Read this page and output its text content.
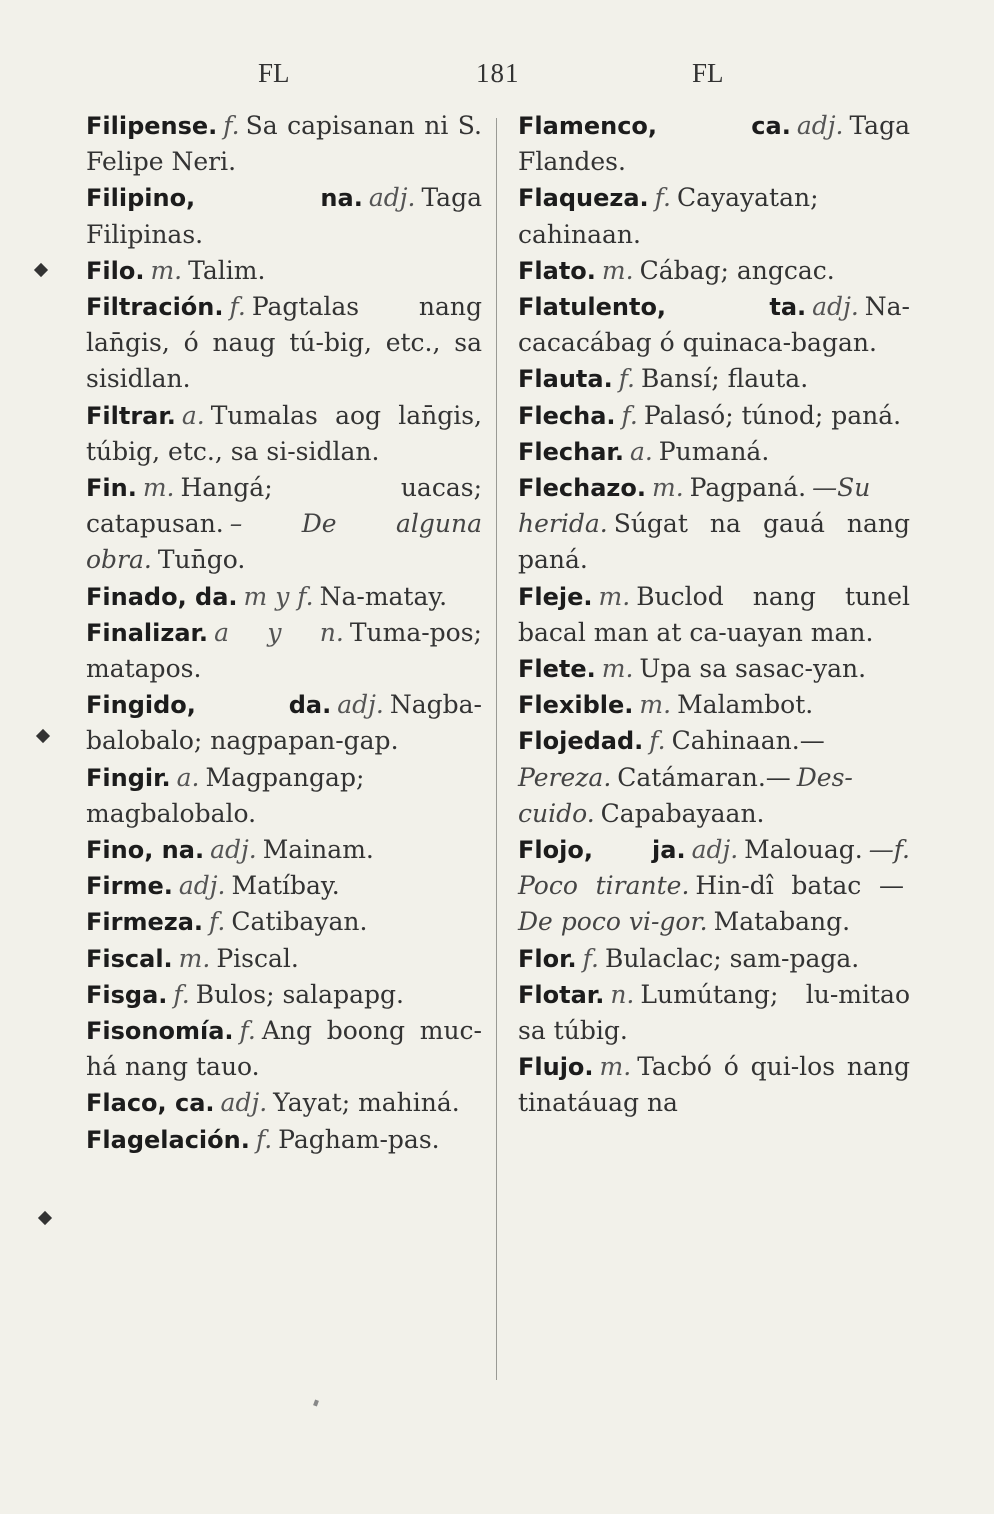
FL	181	FL
Filipense. f. Sa capisanan ni S. Felipe Neri.
Filipino, na. adj. Taga Filipinas.
Filo. m. Talim.
Filtración. f. Pagtalas nang lan̄gis, ó naug tú-big, etc., sa sisidlan.
Filtrar. a. Tumalas aog lan̄gis, túbig, etc., sa si-sidlan.
Fin. m. Hangá; uacas; catapusan. – De alguna obra. Tun̄go.
Finado, da. m y f. Na-matay.
Finalizar. a y n. Tuma-pos; matapos.
Fingido, da. adj. Nagba-balobalo; nagpapan-gap.
Fingir. a. Magpangap; magbalobalo.
Fino, na. adj. Mainam.
Firme. adj. Matíbay.
Firmeza. f. Catibayan.
Fiscal. m. Piscal.
Fisga. f. Bulos; salapapg.
Fisonomía. f. Ang boong muc-há nang tauo.
Flaco, ca. adj. Yayat; mahiná.
Flagelación. f. Pagham-pas.
Flamenco, ca. adj. Taga Flandes.
Flaqueza. f. Cayayatan; cahinaan.
Flato. m. Cábag; angcac.
Flatulento, ta. adj. Na-cacacábag ó quinaca-bagan.
Flauta. f. Bansí; flauta.
Flecha. f. Palasó; túnod; paná.
Flechar. a. Pumaná.
Flechazo. m. Pagpaná. —Su herida. Súgat na gauá nang paná.
Fleje. m. Buclod nang tunel bacal man at ca-uayan man.
Flete. m. Upa sa sasac-yan.
Flexible. m. Malambot.
Flojedad. f. Cahinaan.—Pereza. Catámaran.— Des-cuido. Capabayaan.
Flojo, ja. adj. Malouag. —f. Poco tirante. Hin-dî batac —De poco vi-gor. Matabang.
Flor. f. Bulaclac; sam-paga.
Flotar. n. Lumútang; lu-mitao sa túbig.
Flujo. m. Tacbó ó qui-los nang tinatáuag na
